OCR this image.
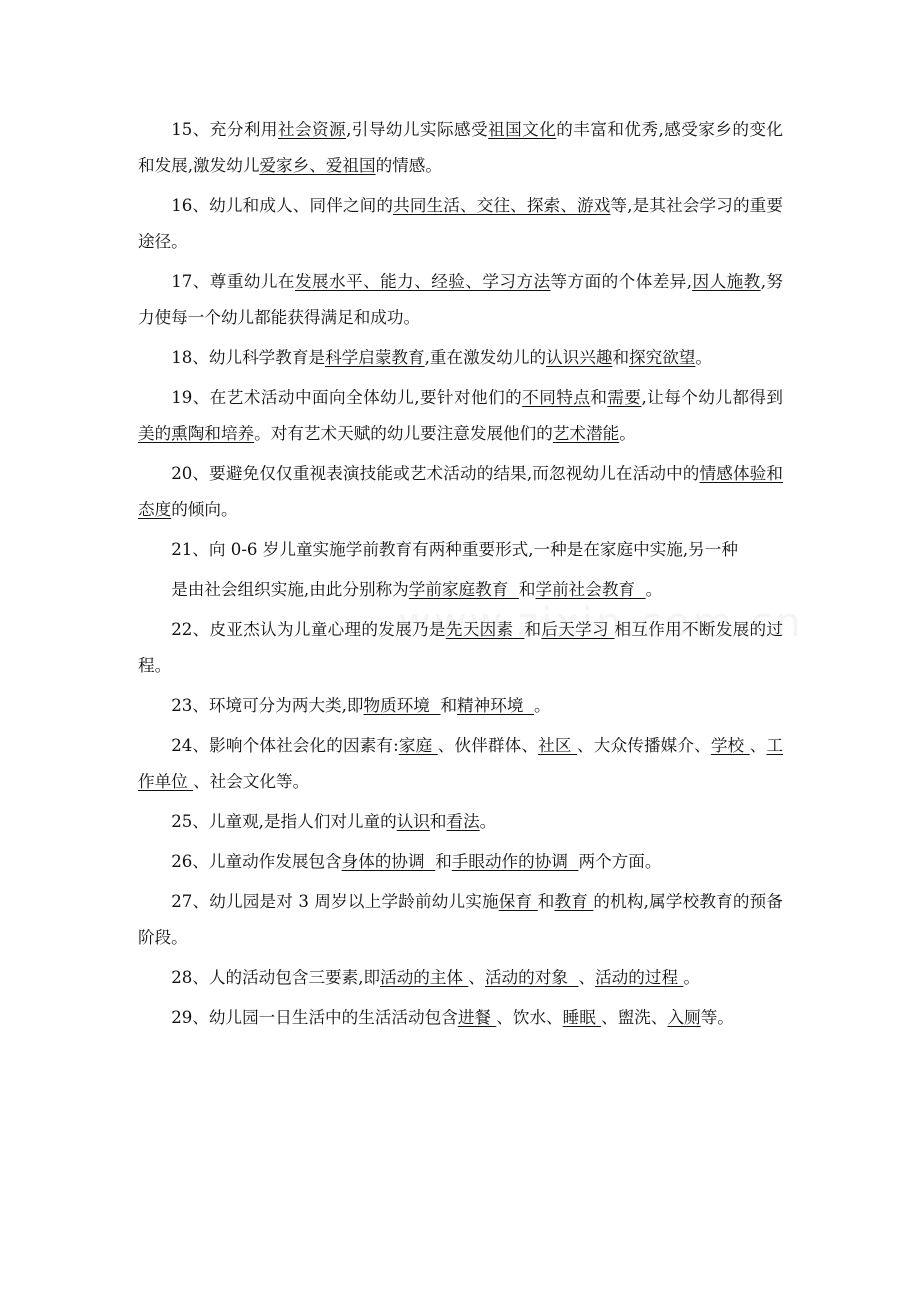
15、充分利用社会资源,引导幼儿实际感受祖国文化的丰富和优秀,感受家乡的变化和发展,激发幼儿爱家乡、爱祖国的情感。

16、幼儿和成人、同伴之间的共同生活、交往、探索、游戏等,是其社会学习的重要途径。

17、尊重幼儿在发展水平、能力、经验、学习方法等方面的个体差异,因人施教,努力使每一个幼儿都能获得满足和成功。

18、幼儿科学教育是科学启蒙教育,重在激发幼儿的认识兴趣和探究欲望。

19、在艺术活动中面向全体幼儿,要针对他们的不同特点和需要,让每个幼儿都得到美的熏陶和培养。对有艺术天赋的幼儿要注意发展他们的艺术潜能。

20、要避免仅仅重视表演技能或艺术活动的结果,而忽视幼儿在活动中的情感体验和态度的倾向。

21、向 0-6 岁儿童实施学前教育有两种重要形式,一种是在家庭中实施,另一种

是由社会组织实施,由此分别称为学前家庭教育  和学前社会教育  。

22、皮亚杰认为儿童心理的发展乃是先天因素  和后天学习 相互作用不断发展的过程。

23、环境可分为两大类,即物质环境  和精神环境  。

24、影响个体社会化的因素有:家庭 、伙伴群体、社区 、大众传播媒介、学校 、工作单位 、社会文化等。

25、儿童观,是指人们对儿童的认识和看法。

26、儿童动作发展包含身体的协调  和手眼动作的协调  两个方面。

27、幼儿园是对 3 周岁以上学龄前幼儿实施保育 和教育 的机构,属学校教育的预备阶段。

28、人的活动包含三要素,即活动的主体 、活动的对象  、活动的过程 。

29、幼儿园一日生活中的生活活动包含进餐 、饮水、睡眠 、盥洗、入厕等。
